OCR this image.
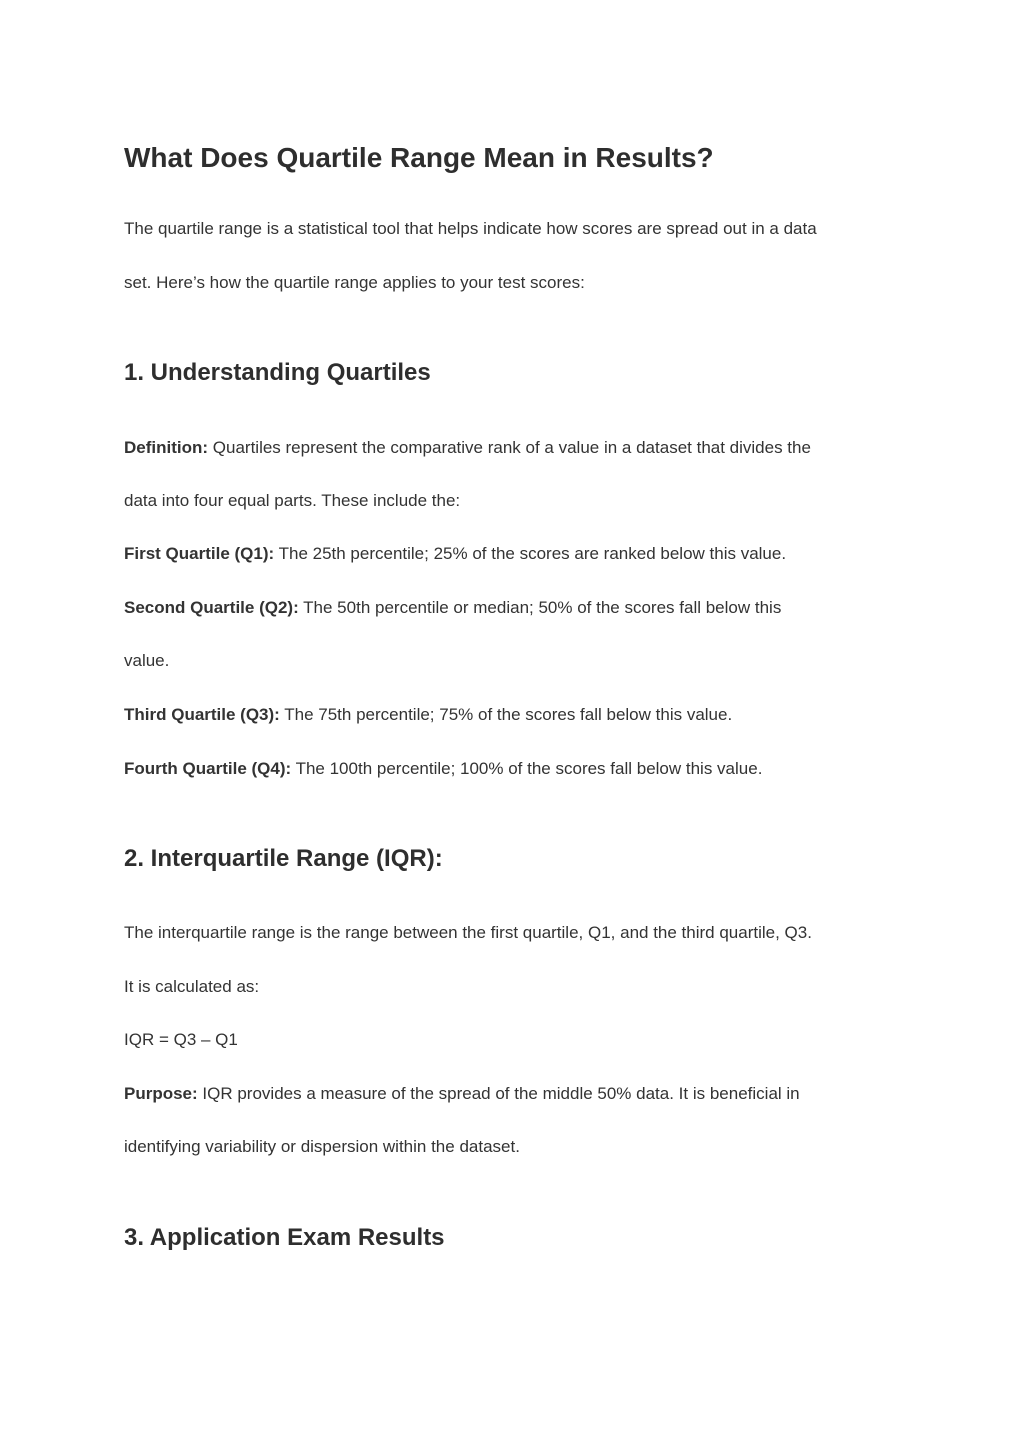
What Does Quartile Range Mean in Results?
The quartile range is a statistical tool that helps indicate how scores are spread out in a data
set. Here’s how the quartile range applies to your test scores:
1. Understanding Quartiles
Definition: Quartiles represent the comparative rank of a value in a dataset that divides the
data into four equal parts. These include the:
First Quartile (Q1): The 25th percentile; 25% of the scores are ranked below this value.
Second Quartile (Q2): The 50th percentile or median; 50% of the scores fall below this
value.
Third Quartile (Q3): The 75th percentile; 75% of the scores fall below this value.
Fourth Quartile (Q4): The 100th percentile; 100% of the scores fall below this value.
2. Interquartile Range (IQR):
The interquartile range is the range between the first quartile, Q1, and the third quartile, Q3.
It is calculated as:
IQR = Q3 – Q1
Purpose: IQR provides a measure of the spread of the middle 50% data. It is beneficial in
identifying variability or dispersion within the dataset.
3. Application Exam Results
